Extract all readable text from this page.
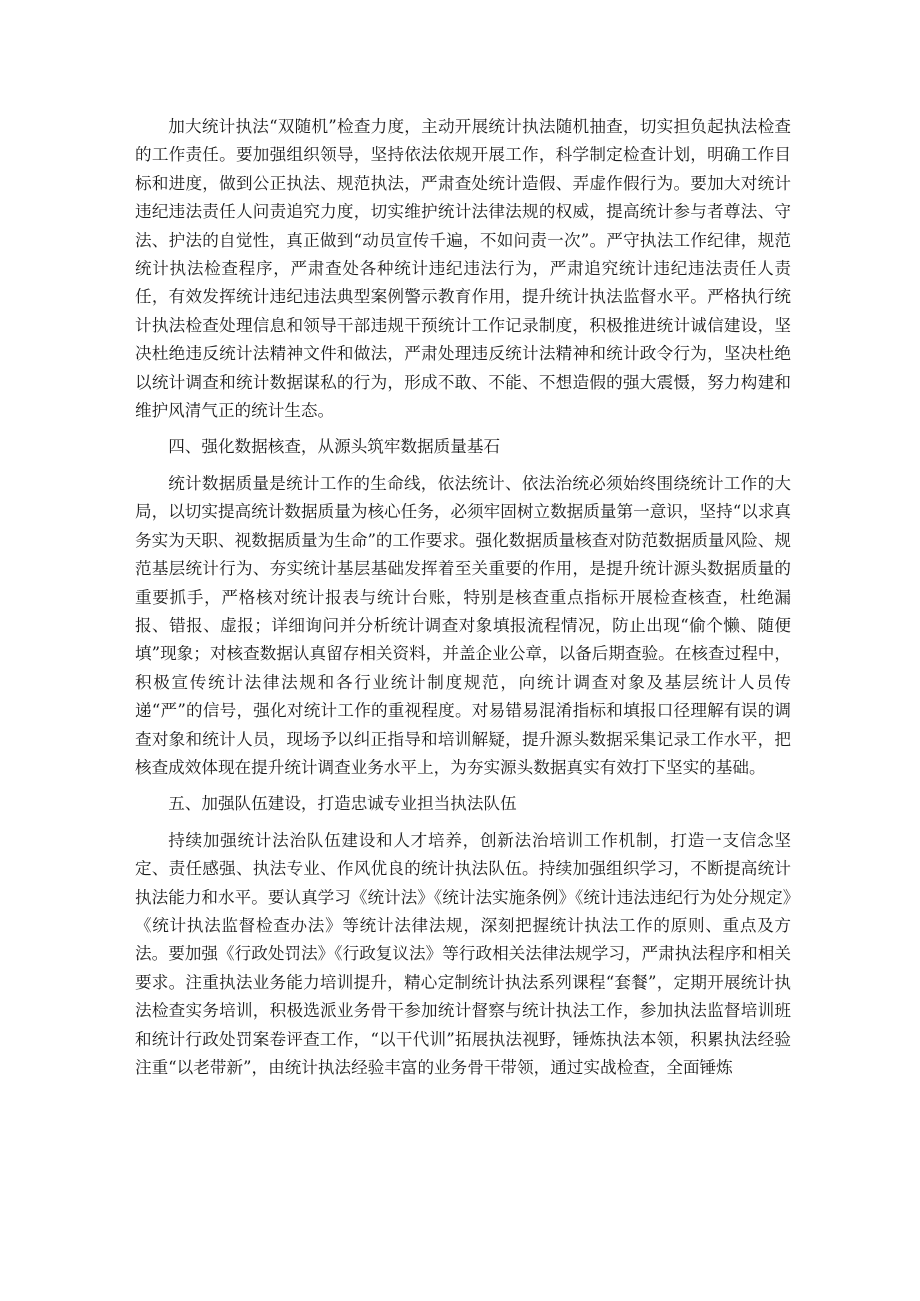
加大统计执法“双随机”检查力度，主动开展统计执法随机抽查，切实担负起执法检查的工作责任。要加强组织领导，坚持依法依规开展工作，科学制定检查计划，明确工作目标和进度，做到公正执法、规范执法，严肃查处统计造假、弄虚作假行为。要加大对统计违纪违法责任人问责追究力度，切实维护统计法律法规的权威，提高统计参与者尊法、守法、护法的自觉性，真正做到“动员宣传千遍，不如问责一次”。严守执法工作纪律，规范统计执法检查程序，严肃查处各种统计违纪违法行为，严肃追究统计违纪违法责任人责任，有效发挥统计违纪违法典型案例警示教育作用，提升统计执法监督水平。严格执行统计执法检查处理信息和领导干部违规干预统计工作记录制度，积极推进统计诚信建设，坚决杜绝违反统计法精神文件和做法，严肃处理违反统计法精神和统计政令行为，坚决杜绝以统计调查和统计数据谋私的行为，形成不敢、不能、不想造假的强大震慑，努力构建和维护风清气正的统计生态。

四、强化数据核查，从源头筑牢数据质量基石

统计数据质量是统计工作的生命线，依法统计、依法治统必须始终围绕统计工作的大局，以切实提高统计数据质量为核心任务，必须牢固树立数据质量第一意识，坚持“以求真务实为天职、视数据质量为生命”的工作要求。强化数据质量核查对防范数据质量风险、规范基层统计行为、夯实统计基层基础发挥着至关重要的作用，是提升统计源头数据质量的重要抓手，严格核对统计报表与统计台账，特别是核查重点指标开展检查核查，杜绝漏报、错报、虚报；详细询问并分析统计调查对象填报流程情况，防止出现“偷个懒、随便填”现象；对核查数据认真留存相关资料，并盖企业公章，以备后期查验。在核查过程中，积极宣传统计法律法规和各行业统计制度规范，向统计调查对象及基层统计人员传递“严”的信号，强化对统计工作的重视程度。对易错易混淆指标和填报口径理解有误的调查对象和统计人员，现场予以纠正指导和培训解疑，提升源头数据采集记录工作水平，把核查成效体现在提升统计调查业务水平上，为夯实源头数据真实有效打下坚实的基础。

五、加强队伍建设，打造忠诚专业担当执法队伍

持续加强统计法治队伍建设和人才培养，创新法治培训工作机制，打造一支信念坚定、责任感强、执法专业、作风优良的统计执法队伍。持续加强组织学习，不断提高统计执法能力和水平。要认真学习《统计法》《统计法实施条例》《统计违法违纪行为处分规定》《统计执法监督检查办法》等统计法律法规，深刻把握统计执法工作的原则、重点及方法。要加强《行政处罚法》《行政复议法》等行政相关法律法规学习，严肃执法程序和相关要求。注重执法业务能力培训提升，精心定制统计执法系列课程“套餐”，定期开展统计执法检查实务培训，积极选派业务骨干参加统计督察与统计执法工作，参加执法监督培训班和统计行政处罚案卷评查工作，“以干代训”拓展执法视野，锤炼执法本领，积累执法经验注重“以老带新”，由统计执法经验丰富的业务骨干带领，通过实战检查，全面锤炼
